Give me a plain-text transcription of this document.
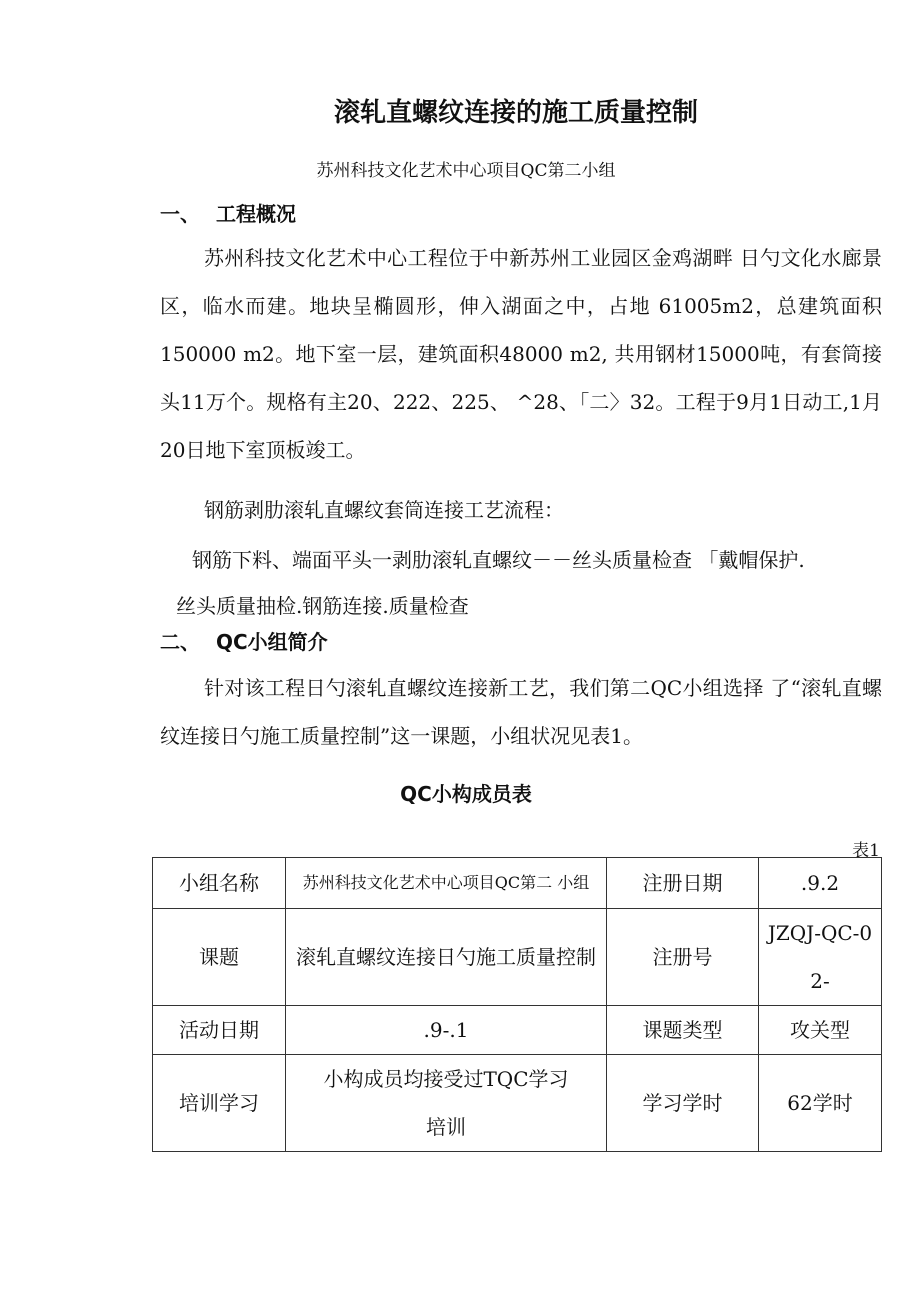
滚轧直螺纹连接的施工质量控制
苏州科技文化艺术中心项目QC第二小组
一、 工程概况
苏州科技文化艺术中心工程位于中新苏州工业园区金鸡湖畔 日勺文化水廊景区，临水而建。地块呈椭圆形，伸入湖面之中，占地 61005m2，总建筑面积150000 m2。地下室一层，建筑面积48000 m2, 共用钢材15000吨，有套筒接头11万个。规格有主20、222、225、 ^28、「二〉32。工程于9月1日动工,1月20日地下室顶板竣工。
钢筋剥肋滚轧直螺纹套筒连接工艺流程：
钢筋下料、端面平头一剥肋滚轧直螺纹－－丝头质量检查 「戴帽保护.
丝头质量抽检.钢筋连接.质量检查
二、 QC小组简介
针对该工程日勺滚轧直螺纹连接新工艺，我们第二QC小组选择 了“滚轧直螺纹连接日勺施工质量控制”这一课题，小组状况见表1。
QC小构成员表
表1
小组名称	苏州科技文化艺术中心项目QC第二 小组	注册日期	.9.2
课题	滚轧直螺纹连接日勺施工质量控制	注册号	JZQJ-QC-02-
活动日期	.9-.1	课题类型	攻关型
培训学习	小构成员均接受过TQC学习培训	学习学时	62学时
